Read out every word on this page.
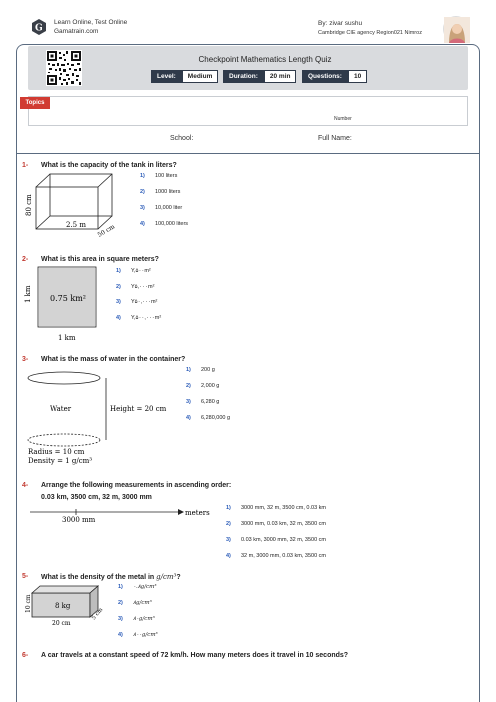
G
Learn Online, Test Online
Gamatrain.com
By: zivar sushu
Cambridge CIE agency Region021 Nimroz
Checkpoint Mathematics Length Quiz
Level:	Medium	Duration:	20 min	Questions:	10
Topics
Number
School:	Full Name:
1- What is the capacity of the tank in liters?
80 cm
2.5 m 50 cm
1)	100 liters
2)	1000 liters
3)	10,000 liter
4)	100,000 liters
2- What is this area in square meters?
0.75 km²
1 km
1 km
1)	Y,۵۰۰m²
2)	Y۵,۰۰۰m²
3)	Y۵۰,۰۰۰m²
4)	Y,۵۰۰,۰۰۰m²
3- What is the mass of water in the container?
Water	Height = 20 cm
Radius = 10 cm
Density = 1 g/cm³
1)	200 g
2)	2,000 g
3)	6,280 g
4)	6,280,000 g
4- Arrange the following measurements in ascending order:
0.03 km, 3500 cm, 32 m, 3000 mm
3000 mm
meters
1)	3000 mm, 32 m, 3500 cm, 0.03 km
2)	3000 mm, 0.03 km, 32 m, 3500 cm
3)	0.03 km, 3000 mm, 32 m, 3500 cm
4)	32 m, 3000 mm, 0.03 km, 3500 cm
5- What is the density of the metal in g/cm³?
8 kg
10 cm
20 cm
5 cm
1)	۰.۸g/cm³
2)	۸g/cm³
3)	۸۰g/cm³
4)	۸۰۰g/cm³
6- A car travels at a constant speed of 72 km/h. How many meters does it travel in 10 seconds?
